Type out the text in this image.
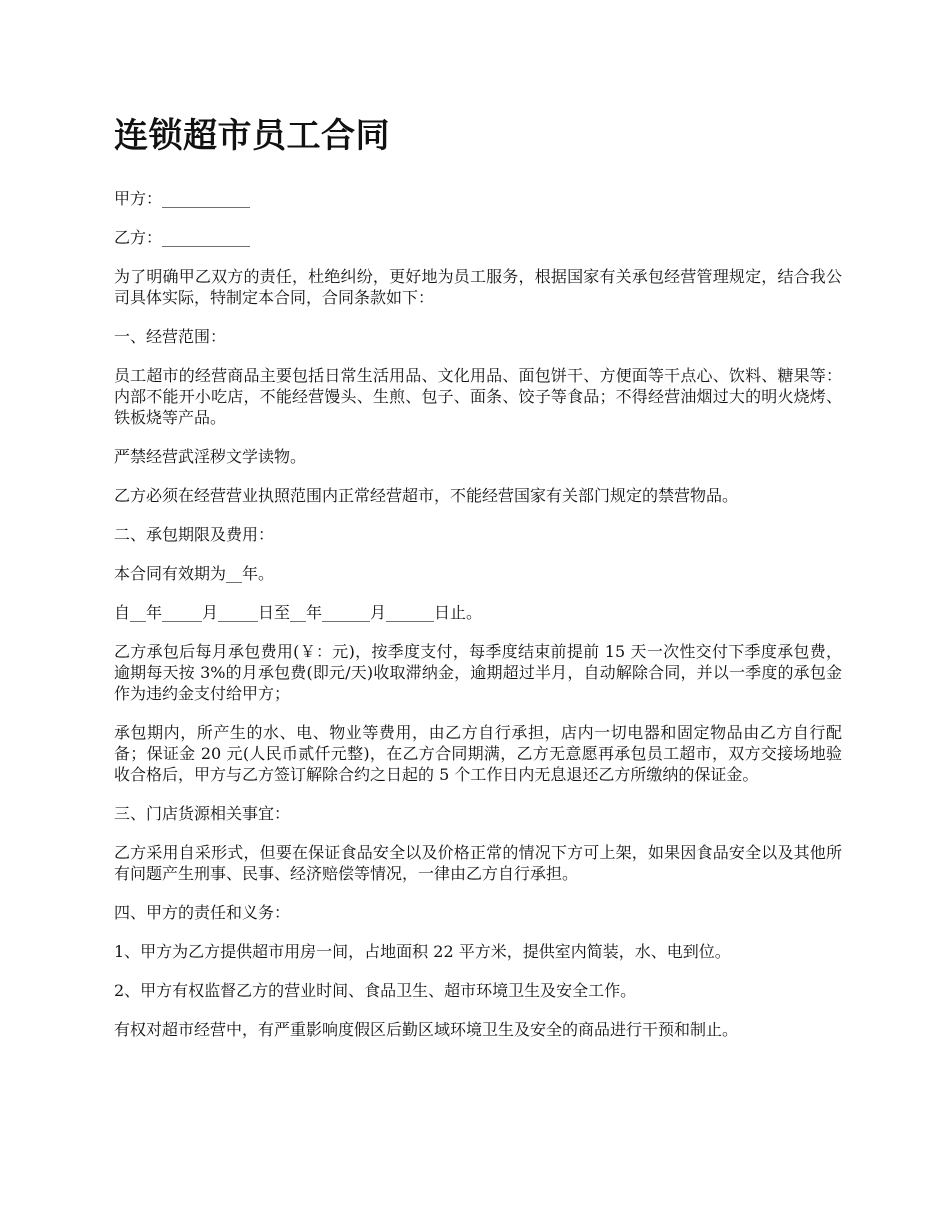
连锁超市员工合同

甲方：___________

乙方：___________

为了明确甲乙双方的责任，杜绝纠纷，更好地为员工服务，根据国家有关承包经营管理规定，结合我公司具体实际，特制定本合同，合同条款如下：

一、经营范围：

员工超市的经营商品主要包括日常生活用品、文化用品、面包饼干、方便面等干点心、饮料、糖果等：内部不能开小吃店，不能经营馒头、生煎、包子、面条、饺子等食品；不得经营油烟过大的明火烧烤、铁板烧等产品。

严禁经营武淫秽文学读物。

乙方必须在经营营业执照范围内正常经营超市，不能经营国家有关部门规定的禁营物品。

二、承包期限及费用：

本合同有效期为__年。

自__年_____月_____日至__年______月______日止。

乙方承包后每月承包费用(￥：元)，按季度支付，每季度结束前提前 15 天一次性交付下季度承包费，逾期每天按 3%的月承包费(即元/天)收取滞纳金，逾期超过半月，自动解除合同，并以一季度的承包金作为违约金支付给甲方；

承包期内，所产生的水、电、物业等费用，由乙方自行承担，店内一切电器和固定物品由乙方自行配备；保证金 20 元(人民币贰仟元整)，在乙方合同期满，乙方无意愿再承包员工超市，双方交接场地验收合格后，甲方与乙方签订解除合约之日起的 5 个工作日内无息退还乙方所缴纳的保证金。

三、门店货源相关事宜：

乙方采用自采形式，但要在保证食品安全以及价格正常的情况下方可上架，如果因食品安全以及其他所有问题产生刑事、民事、经济赔偿等情况，一律由乙方自行承担。

四、甲方的责任和义务：

1、甲方为乙方提供超市用房一间，占地面积 22 平方米，提供室内简装，水、电到位。

2、甲方有权监督乙方的营业时间、食品卫生、超市环境卫生及安全工作。

有权对超市经营中，有严重影响度假区后勤区域环境卫生及安全的商品进行干预和制止。
